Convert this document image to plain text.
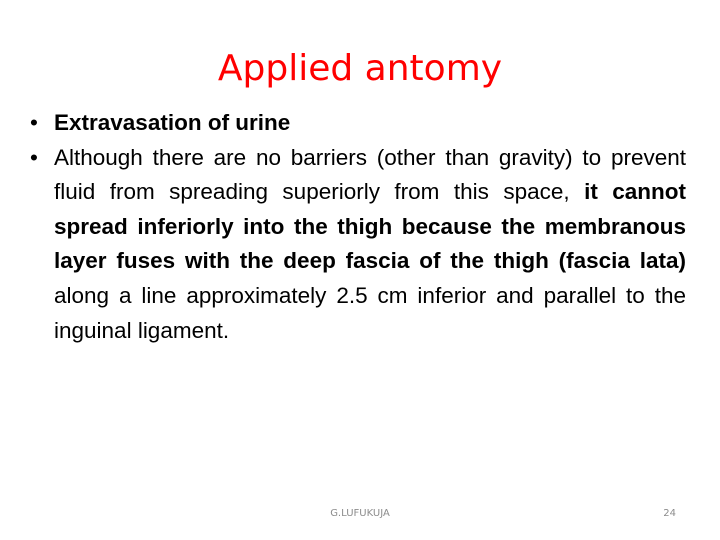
Applied antomy

• Extravasation of urine

• Although there are no barriers (other than gravity) to prevent fluid from spreading superiorly from this space, it cannot spread inferiorly into the thigh because the membranous layer fuses with the deep fascia of the thigh (fascia lata) along a line approximately 2.5 cm inferior and parallel to the inguinal ligament.

G.LUFUKUJA	24
